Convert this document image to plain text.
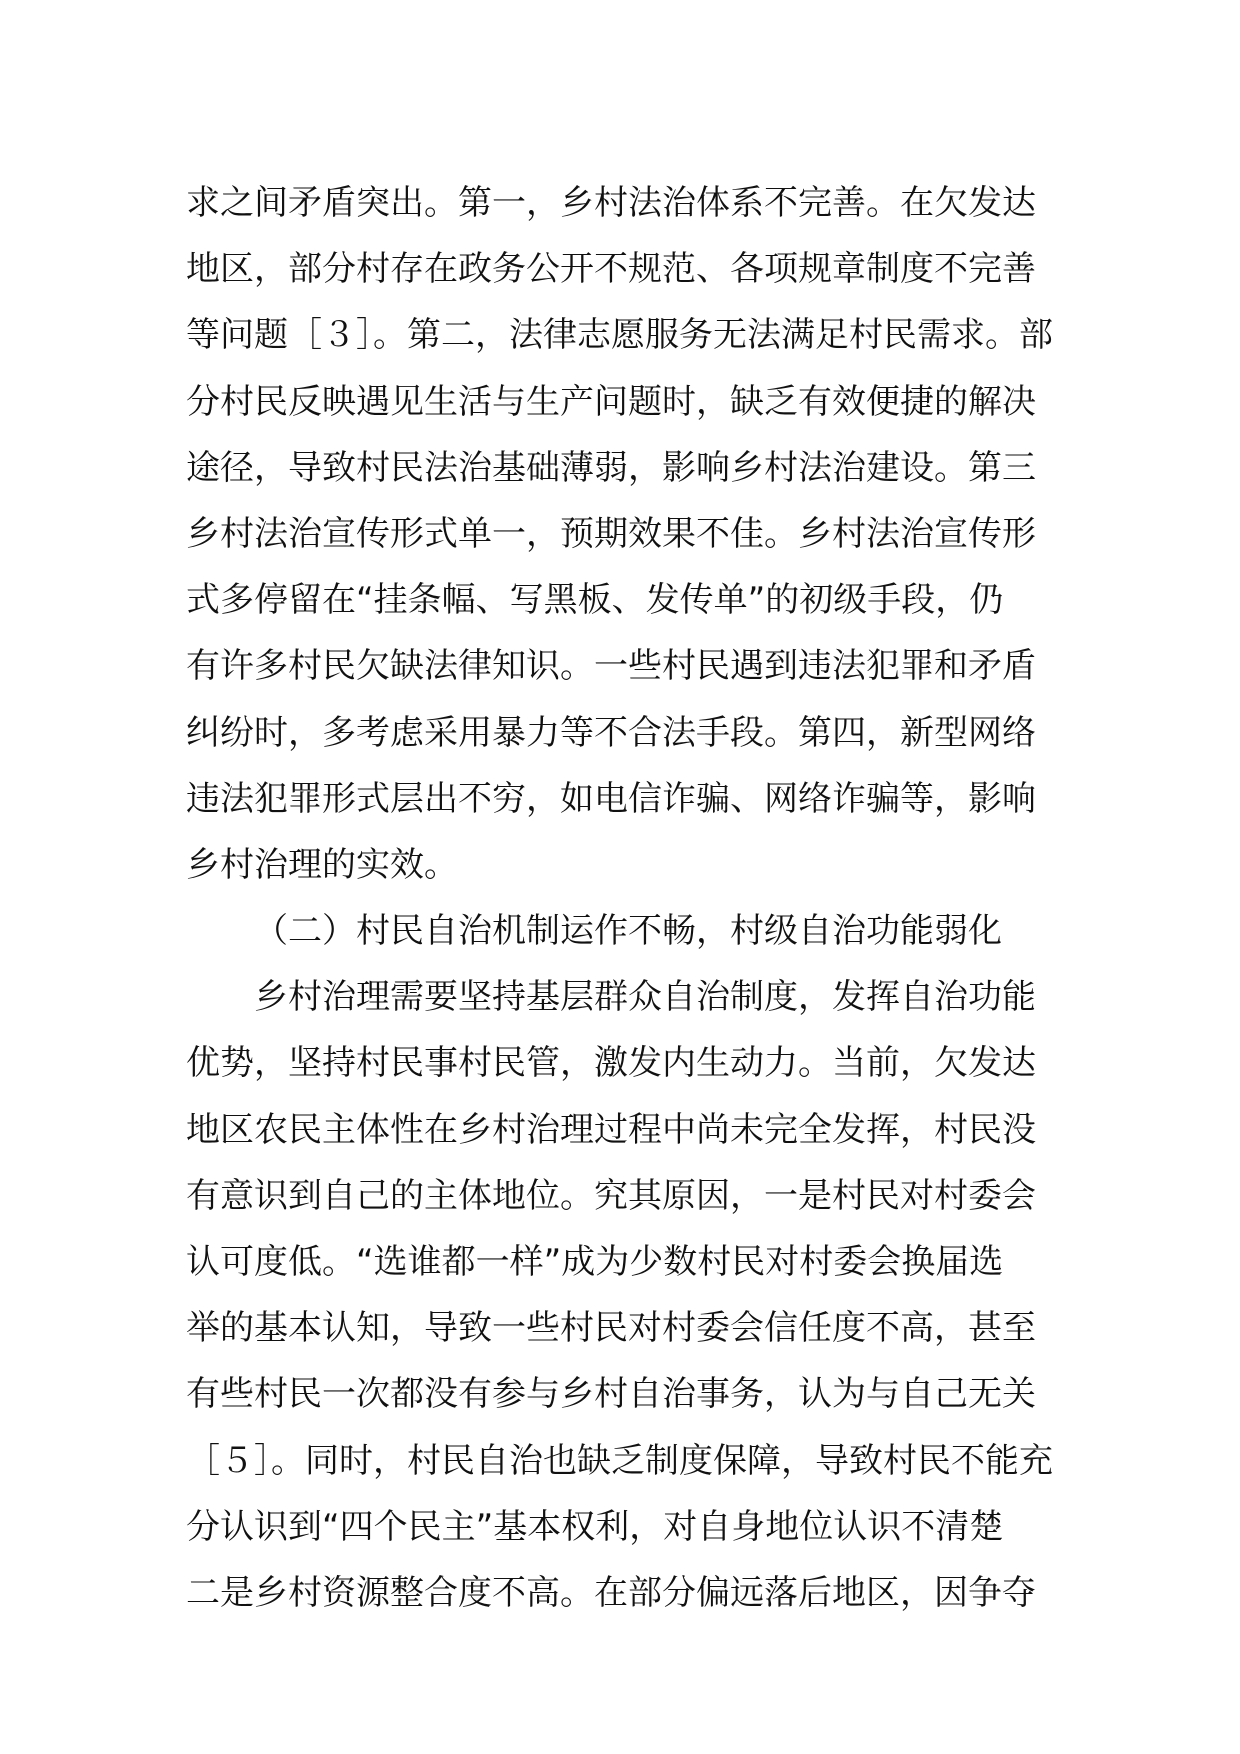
求之间矛盾突出。第一，乡村法治体系不完善。在欠发达
地区，部分村存在政务公开不规范、各项规章制度不完善
等问题［３］。第二，法律志愿服务无法满足村民需求。部
分村民反映遇见生活与生产问题时，缺乏有效便捷的解决
途径，导致村民法治基础薄弱，影响乡村法治建设。第三
乡村法治宣传形式单一，预期效果不佳。乡村法治宣传形
式多停留在“挂条幅、写黑板、发传单”的初级手段，仍
有许多村民欠缺法律知识。一些村民遇到违法犯罪和矛盾
纠纷时，多考虑采用暴力等不合法手段。第四，新型网络
违法犯罪形式层出不穷，如电信诈骗、网络诈骗等，影响
乡村治理的实效。
（二）村民自治机制运作不畅，村级自治功能弱化
乡村治理需要坚持基层群众自治制度，发挥自治功能
优势，坚持村民事村民管，激发内生动力。当前，欠发达
地区农民主体性在乡村治理过程中尚未完全发挥，村民没
有意识到自己的主体地位。究其原因，一是村民对村委会
认可度低。“选谁都一样”成为少数村民对村委会换届选
举的基本认知，导致一些村民对村委会信任度不高，甚至
有些村民一次都没有参与乡村自治事务，认为与自己无关
［５］。同时，村民自治也缺乏制度保障，导致村民不能充
分认识到“四个民主”基本权利，对自身地位认识不清楚
二是乡村资源整合度不高。在部分偏远落后地区，因争夺
